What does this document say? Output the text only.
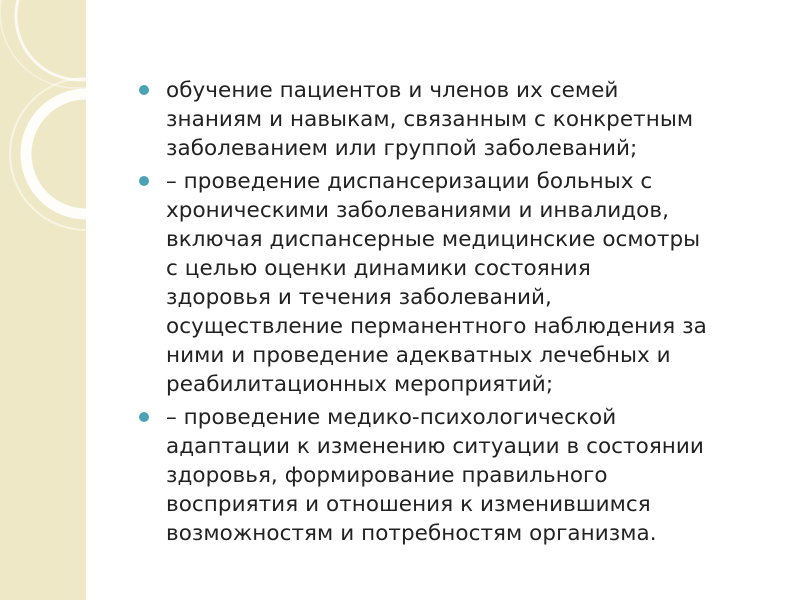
обучение пациентов и членов их семей
знаниям и навыкам, связанным с конкретным
заболеванием или группой заболеваний;
– проведение диспансеризации больных с
хроническими заболеваниями и инвалидов,
включая диспансерные медицинские осмотры
с целью оценки динамики состояния
здоровья и течения заболеваний,
осуществление перманентного наблюдения за
ними и проведение адекватных лечебных и
реабилитационных мероприятий;
– проведение медико-психологической
адаптации к изменению ситуации в состоянии
здоровья, формирование правильного
восприятия и отношения к изменившимся
возможностям и потребностям организма.
